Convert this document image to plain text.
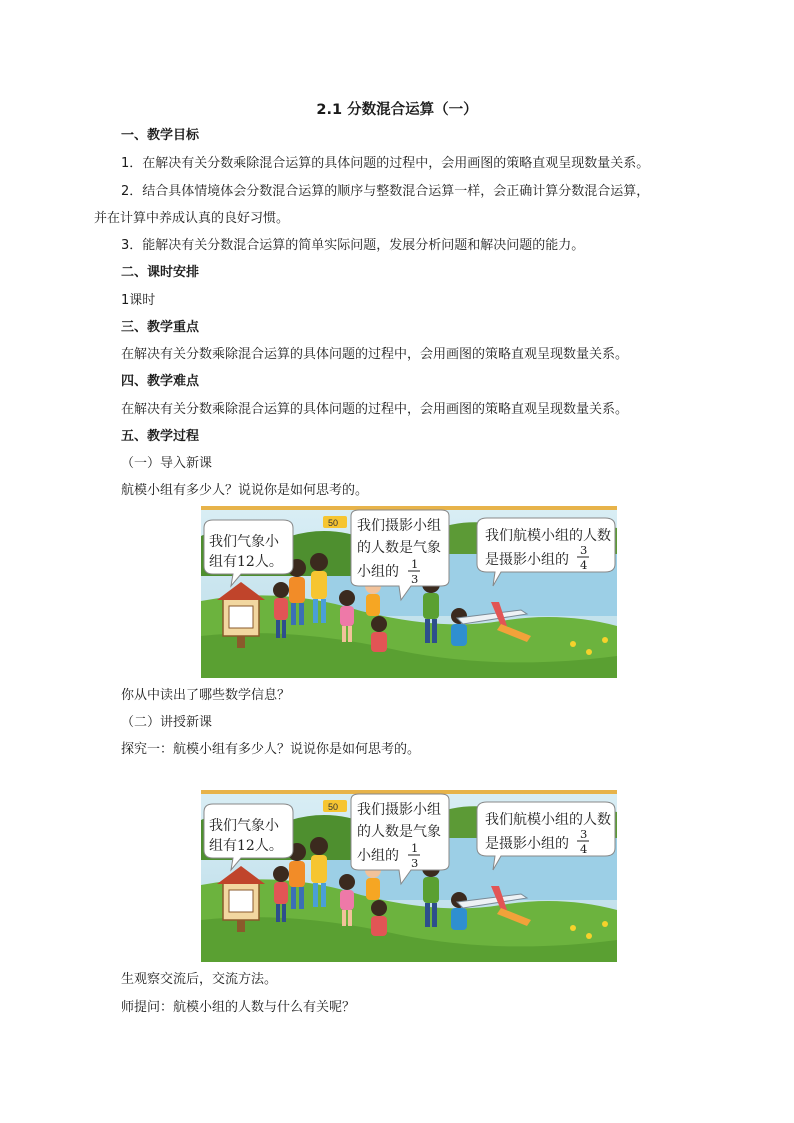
2.1 分数混合运算（一）
一、教学目标
1．在解决有关分数乘除混合运算的具体问题的过程中，会用画图的策略直观呈现数量关系。
2．结合具体情境体会分数混合运算的顺序与整数混合运算一样，会正确计算分数混合运算，
并在计算中养成认真的良好习惯。
3．能解决有关分数混合运算的简单实际问题，发展分析问题和解决问题的能力。
二、课时安排
1课时
三、教学重点
在解决有关分数乘除混合运算的具体问题的过程中，会用画图的策略直观呈现数量关系。
四、教学难点
在解决有关分数乘除混合运算的具体问题的过程中，会用画图的策略直观呈现数量关系。
五、教学过程
（一）导入新课
航模小组有多少人？说说你是如何思考的。
50
我们气象小
组有12人。
我们摄影小组
的人数是气象
小组的 1
3
我们航模小组的人数
是摄影小组的
3
4
你从中读出了哪些数学信息？
（二）讲授新课
探究一：航模小组有多少人？说说你是如何思考的。
50
我们气象小
组有12人。
我们摄影小组
的人数是气象
小组的 1
3
我们航模小组的人数
是摄影小组的
3
4
生观察交流后，交流方法。
师提问：航模小组的人数与什么有关呢？
